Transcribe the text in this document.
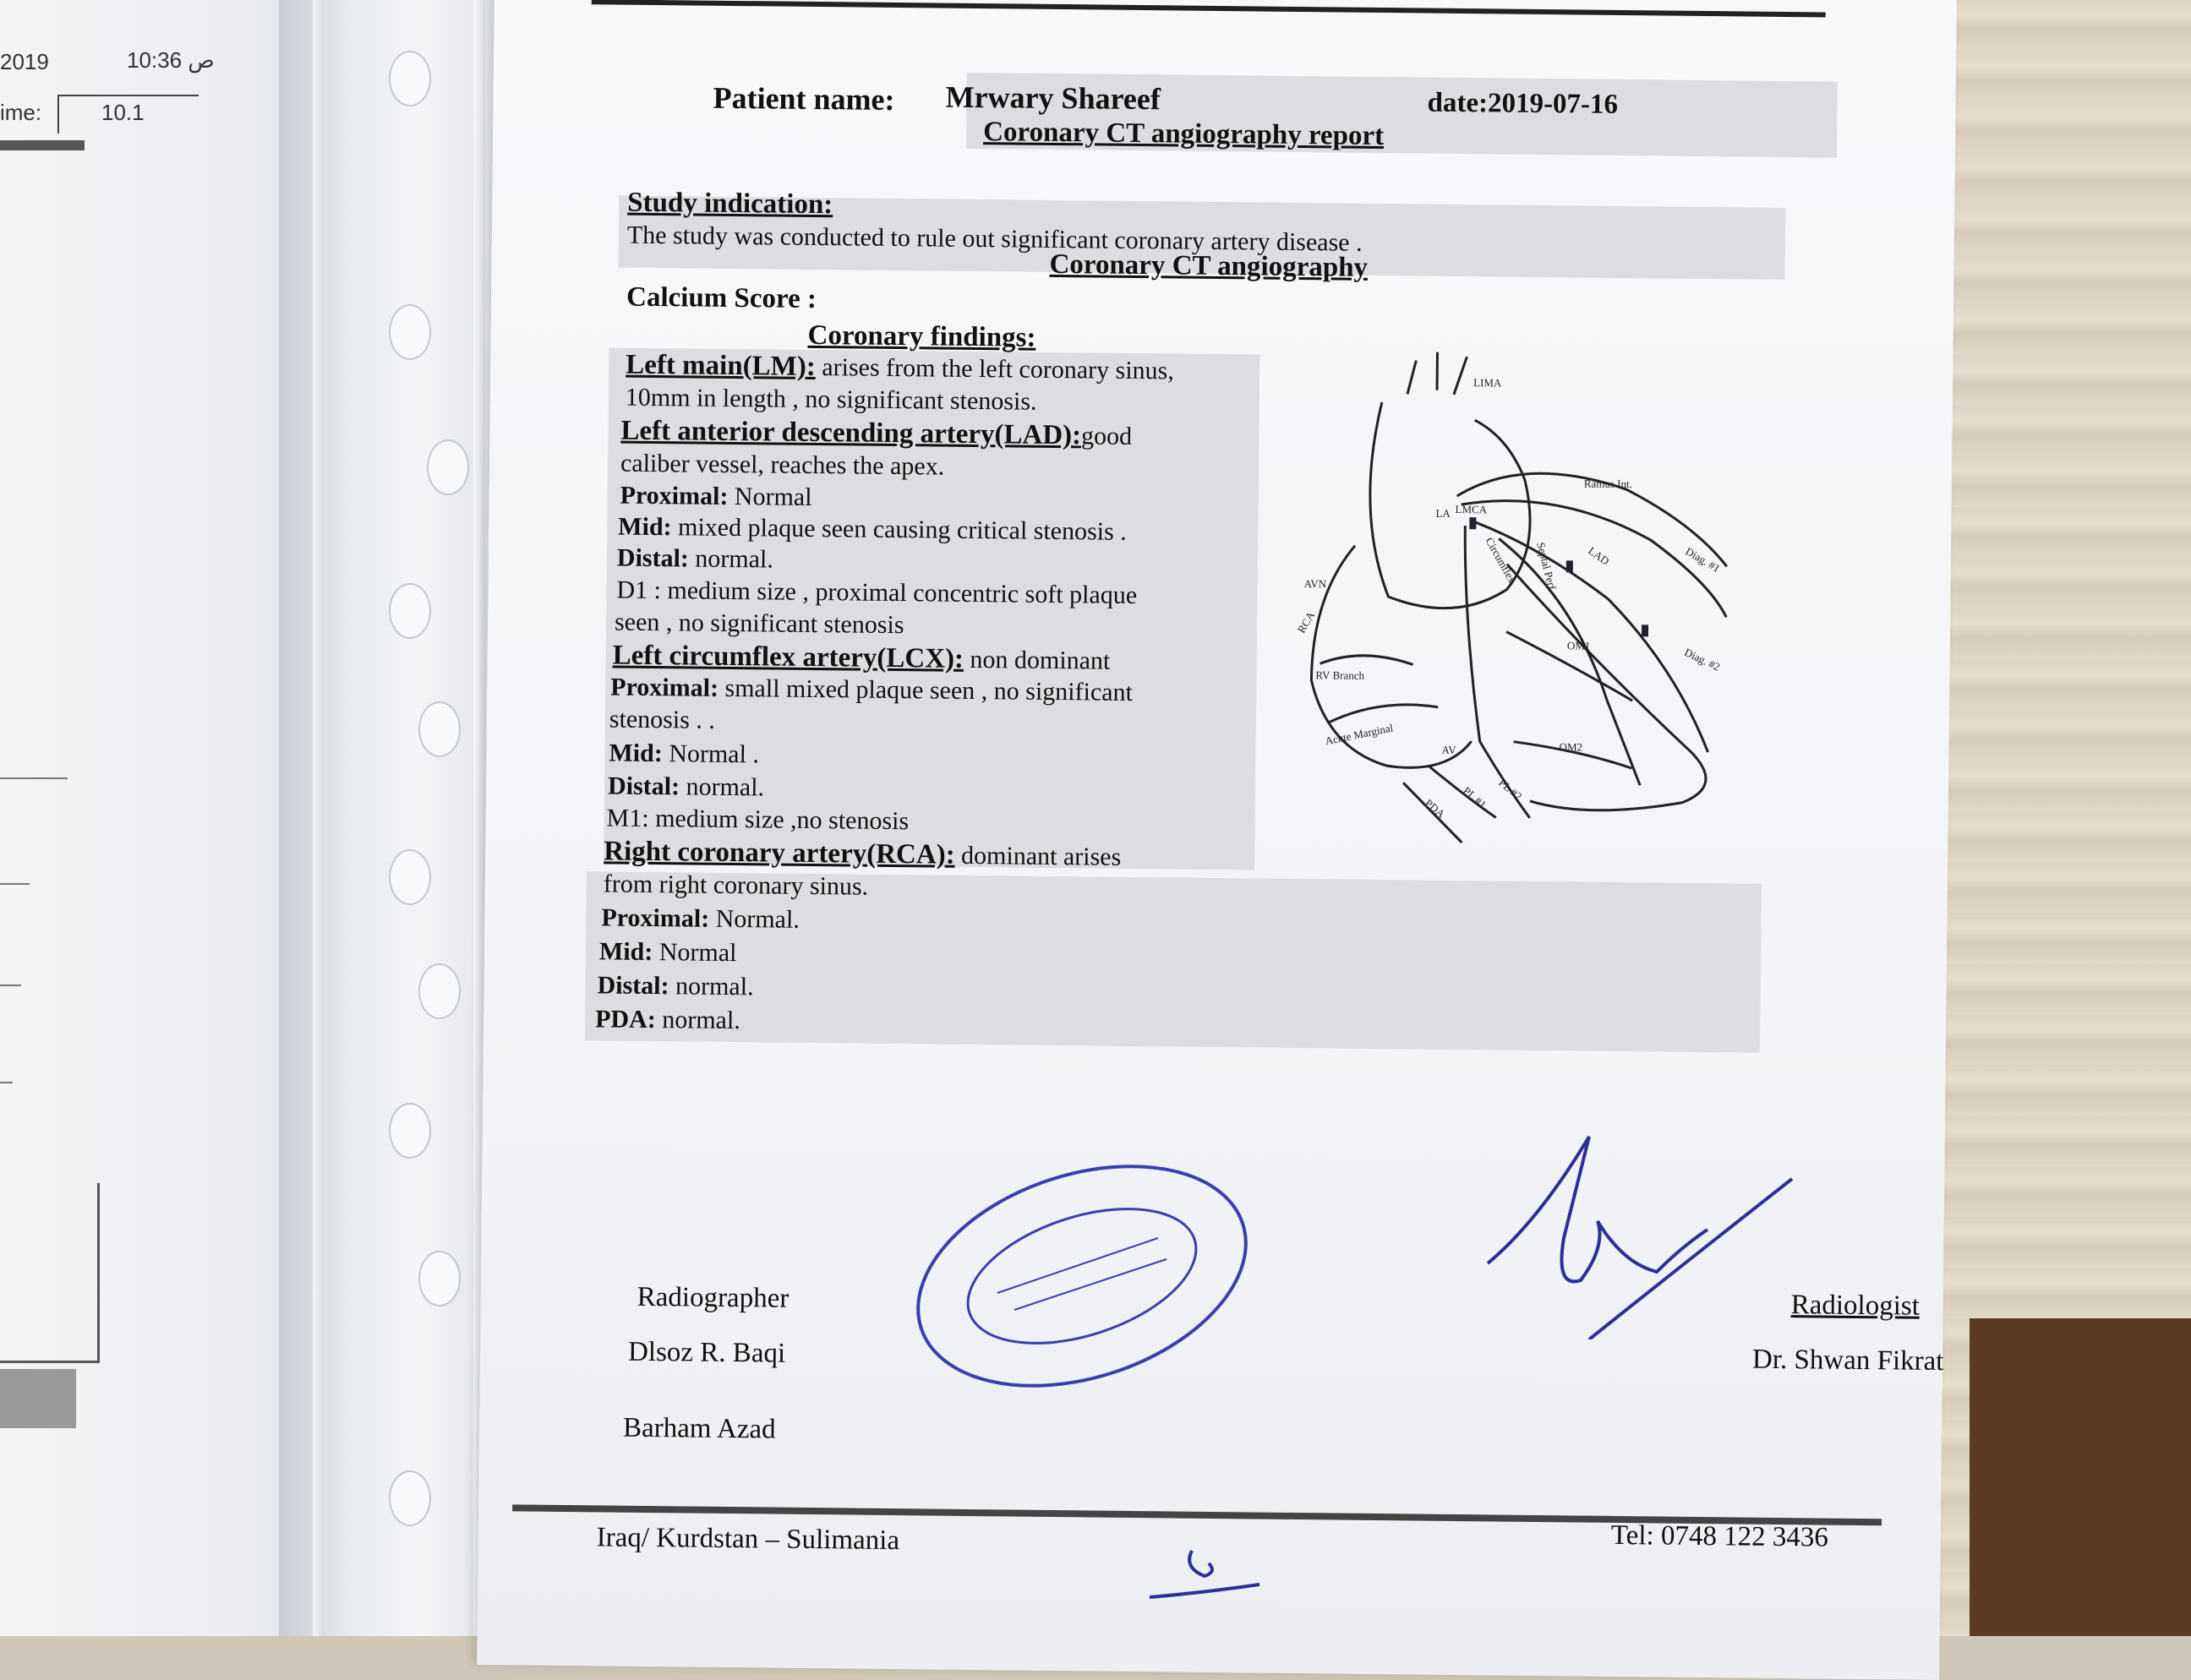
2019	10:36 ص
ime:	10.1	Patient name: Mrwary Shareef	date:2019-07-16
Coronary CT angiography report
Study indication:
The study was conducted to rule out significant coronary artery disease .
Coronary CT angiography
Calcium Score :
Coronary findings:
Left main(LM): arises from the left coronary sinus,
10mm in length , no significant stenosis.
Left anterior descending artery(LAD):good
caliber vessel, reaches the apex.
Proximal: Normal
Mid: mixed plaque seen causing critical stenosis .
Distal: normal.
D1 : medium size , proximal concentric soft plaque
seen , no significant stenosis
Left circumflex artery(LCX): non dominant
Proximal: small mixed plaque seen , no significant
stenosis . .
Mid: Normal .
Distal: normal.
M1: medium size ,no stenosis
Right coronary artery(RCA): dominant arises
from right coronary sinus.
Proximal: Normal.
Mid: Normal
Distal: normal.
PDA: normal.
LIMA
Ramus Int.
LA LMCA
Circumflex Septal Perf. LAD	Diag. #1
Diag. #2
OM1
OM2
AVN
RCA
RV Branch
Acute Marginal
AV
PL #1 PL #2
PDA
Radiographer
Dlsoz R. Baqi
Barham Azad
Radiologist
Dr. Shwan Fikrat
Iraq/ Kurdstan – Sulimania	Tel: 0748 122 3436
